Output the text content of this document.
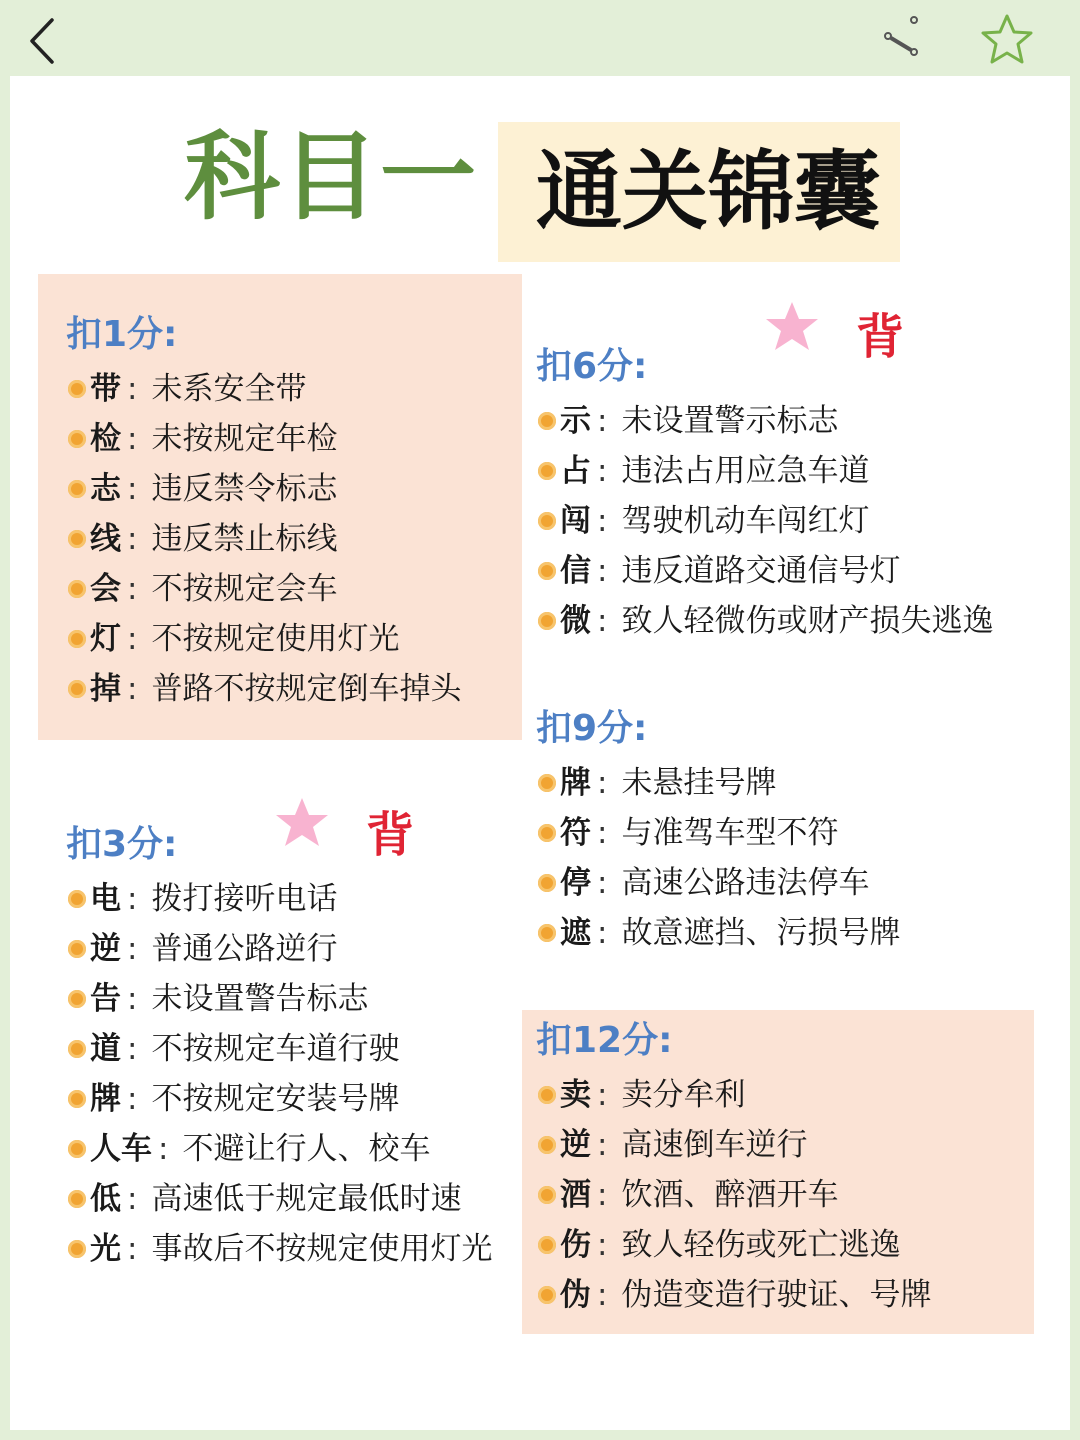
科目一 通关锦囊
背
背
扣1分:
带 : 未系安全带
检 : 未按规定年检
志 : 违反禁令标志
线 : 违反禁止标线
会 : 不按规定会车
灯 : 不按规定使用灯光
掉 : 普路不按规定倒车掉头
扣3分:
电 : 拨打接听电话
逆 : 普通公路逆行
告 : 未设置警告标志
道 : 不按规定车道行驶
牌 : 不按规定安装号牌
人车 : 不避让行人、校车
低 : 高速低于规定最低时速
光 : 事故后不按规定使用灯光
扣6分:
示 : 未设置警示标志
占 : 违法占用应急车道
闯 : 驾驶机动车闯红灯
信 : 违反道路交通信号灯
微 : 致人轻微伤或财产损失逃逸
扣9分:
牌 : 未悬挂号牌
符 : 与准驾车型不符
停 : 高速公路违法停车
遮 : 故意遮挡、污损号牌
扣12分:
卖 : 卖分牟利
逆 : 高速倒车逆行
酒 : 饮酒、醉酒开车
伤 : 致人轻伤或死亡逃逸
伪 : 伪造变造行驶证、号牌
